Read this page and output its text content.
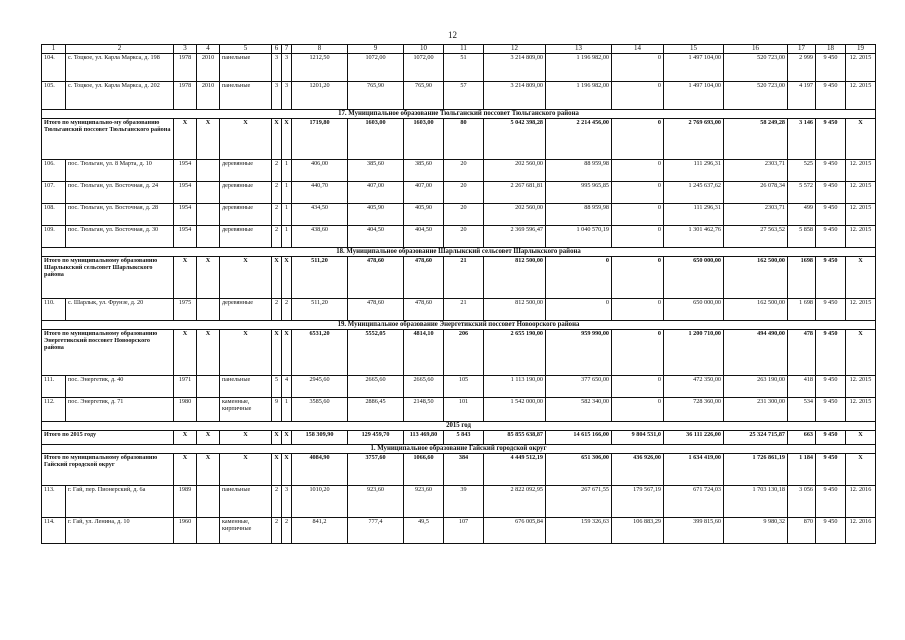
12
1	2	3	4	5	6	7	8	9	10	11	12	13	14	15	16	17	18	19
104.	с. Тоцкое, ул. Карла Маркса, д. 198	1978	2010	панельные	3	3	1212,50	1072,00	1072,00	51	3 214 809,00	1 196 982,00	0	1 497 104,00	520 723,00	2 999	9 450	12. 2015
105.	с. Тоцкое, ул. Карла Маркса, д. 202	1978	2010	панельные	3	3	1201,20	765,90	765,90	57	3 214 809,00	1 196 982,00	0	1 497 104,00	520 723,00	4 197	9 450	12. 2015
17. Муниципальное образование Тюльганский поссовет Тюльганского района																		
Итого по муниципально-му образованию Тюльганский поссовет Тюльганского района		Х	Х	Х	Х	Х	1719,80	1603,00	1603,00	80	5 042 398,28	2 214 456,00	0	2 769 693,00	58 249,28	3 146	9 450	Х
106.	пос. Тюльган, ул. 8 Марта, д. 10	1954		деревянные	2	1	406,00	385,60	385,60	20	202 560,00	88 959,98	0	111 296,31	2303,71	525	9 450	12. 2015
107.	пос. Тюльган, ул. Восточная, д. 24	1954		деревянные	2	1	440,70	407,00	407,00	20	2 267 681,81	995 965,85	0	1 245 637,62	26 078,34	5 572	9 450	12. 2015
108.	пос. Тюльган, ул. Восточная, д. 28	1954		деревянные	2	1	434,50	405,90	405,90	20	202 560,00	88 959,98	0	111 296,31	2303,71	499	9 450	12. 2015
109.	пос. Тюльган, ул. Восточная, д. 30	1954		деревянные	2	1	438,60	404,50	404,50	20	2 369 596,47	1 040 570,19	0	1 301 462,76	27 563,52	5 858	9 450	12. 2015
18. Муниципальное образование Шарлыкский сельсовет Шарлыкского района																		
Итого по муниципальному образованию Шарлыкский сельсовет Шарлыкского района		Х	Х	Х	Х	Х	511,20	478,60	478,60	21	812 500,00	0	0	650 000,00	162 500,00	1698	9 450	Х
110.	с. Шарлык, ул. Фрунзе, д. 20	1975		деревянные	2	2	511,20	478,60	478,60	21	812 500,00	0	0	650 000,00	162 500,00	1 698	9 450	12. 2015
19. Муниципальное образование Энергетикский поссовет Новоорского района																		
Итого по муниципальному образованию Энергетикский поссовет Новоорского района		Х	Х	Х	Х	Х	6531,20	5552,05	4814,10	206	2 655 190,00	959 990,00	0	1 200 710,00	494 490,00	478	9 450	Х
111.	пос. Энергетик, д. 40	1971		панельные	5	4	2945,60	2665,60	2665,60	105	1 113 190,00	377 650,00	0	472 350,00	263 190,00	418	9 450	12. 2015
112.	пос. Энергетик, д. 71	1980		каменные, кирпичные	9	1	3585,60	2886,45	2148,50	101	1 542 000,00	582 340,00	0	728 360,00	231 300,00	534	9 450	12. 2015
2015 год																		
Итого по 2015 году		Х	Х	Х	Х	Х	158 309,90	129 459,70	113 469,80	5 843	85 855 638,87	14 615 166,00	9 804 531,0	36 111 226,00	25 324 715,87	663	9 450	Х
1. Муниципальное образование Гайский городской округ																		
Итого по муниципальному образованию Гайский городской округ		Х	Х	Х	Х	Х	4084,90	3757,60	1066,60	384	4 449 512,19	651 306,00	436 926,00	1 634 419,00	1 726 861,19	1 184	9 450	Х
113.	г. Гай, пер. Пионерский, д. 6а	1989		панельные	2	3	1010,20	923,60	923,60	39	2 822 092,95	267 671,55	179 567,19	671 724,03	1 703 130,18	3 056	9 450	12. 2016
114.	г. Гай, ул. Ленина, д. 10	1960		каменные, кирпичные	2	2	841,2	777,4	49,5	107	676 005,84	159 326,63	106 883,29	399 815,60	9 980,32	870	9 450	12. 2016
